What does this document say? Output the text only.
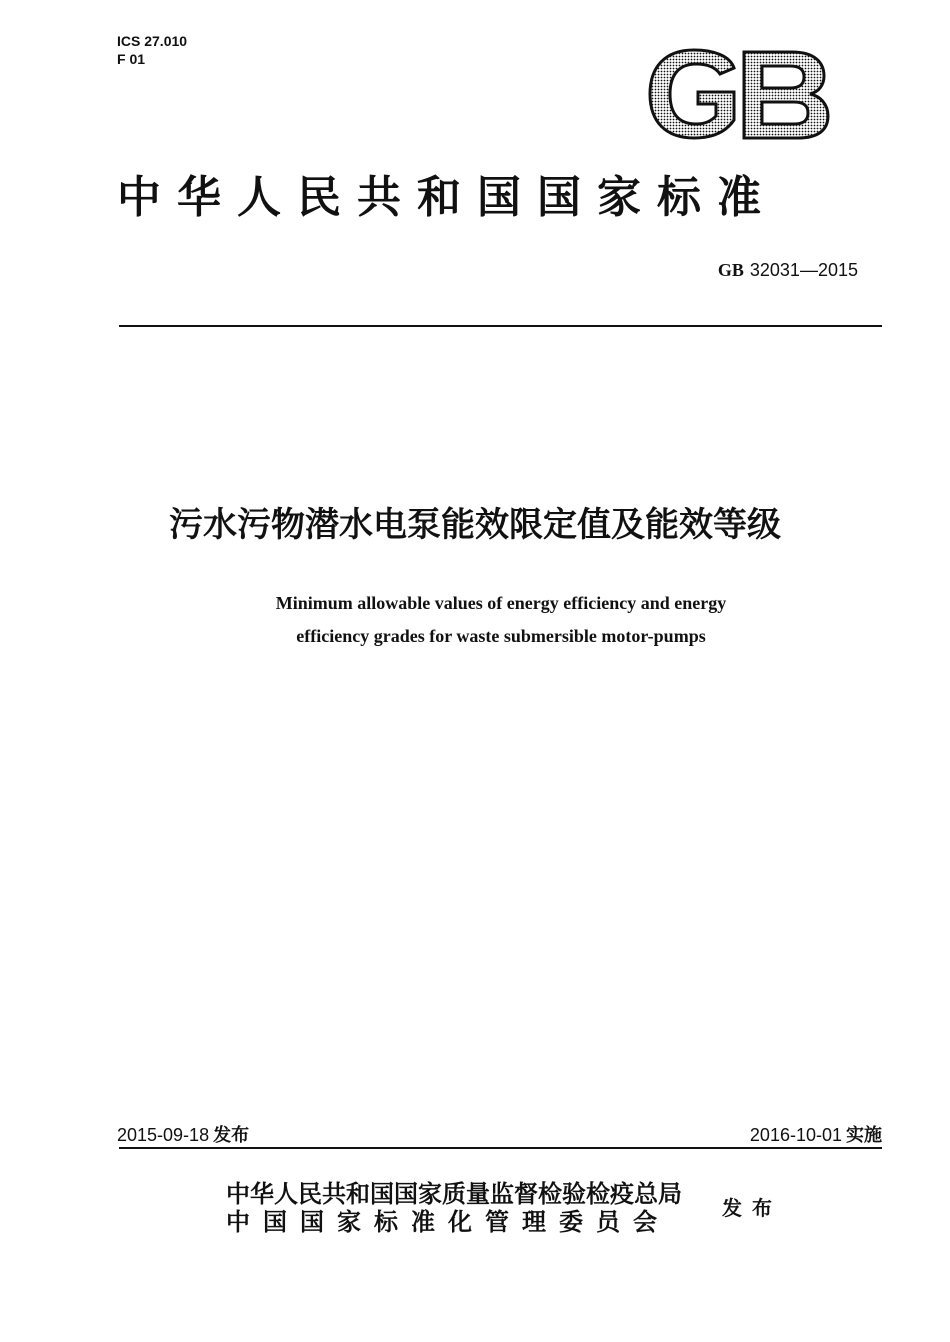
ICS 27.010
F 01
中华人民共和国国家标准
GB 32031—2015
污水污物潜水电泵能效限定值及能效等级
Minimum allowable values of energy efficiency and energy
efficiency grades for waste submersible motor-pumps
2015-09-18 发布	2016-10-01 实施
中华人民共和国国家质量监督检验检疫总局
中国国家标准化管理委员会	发布
